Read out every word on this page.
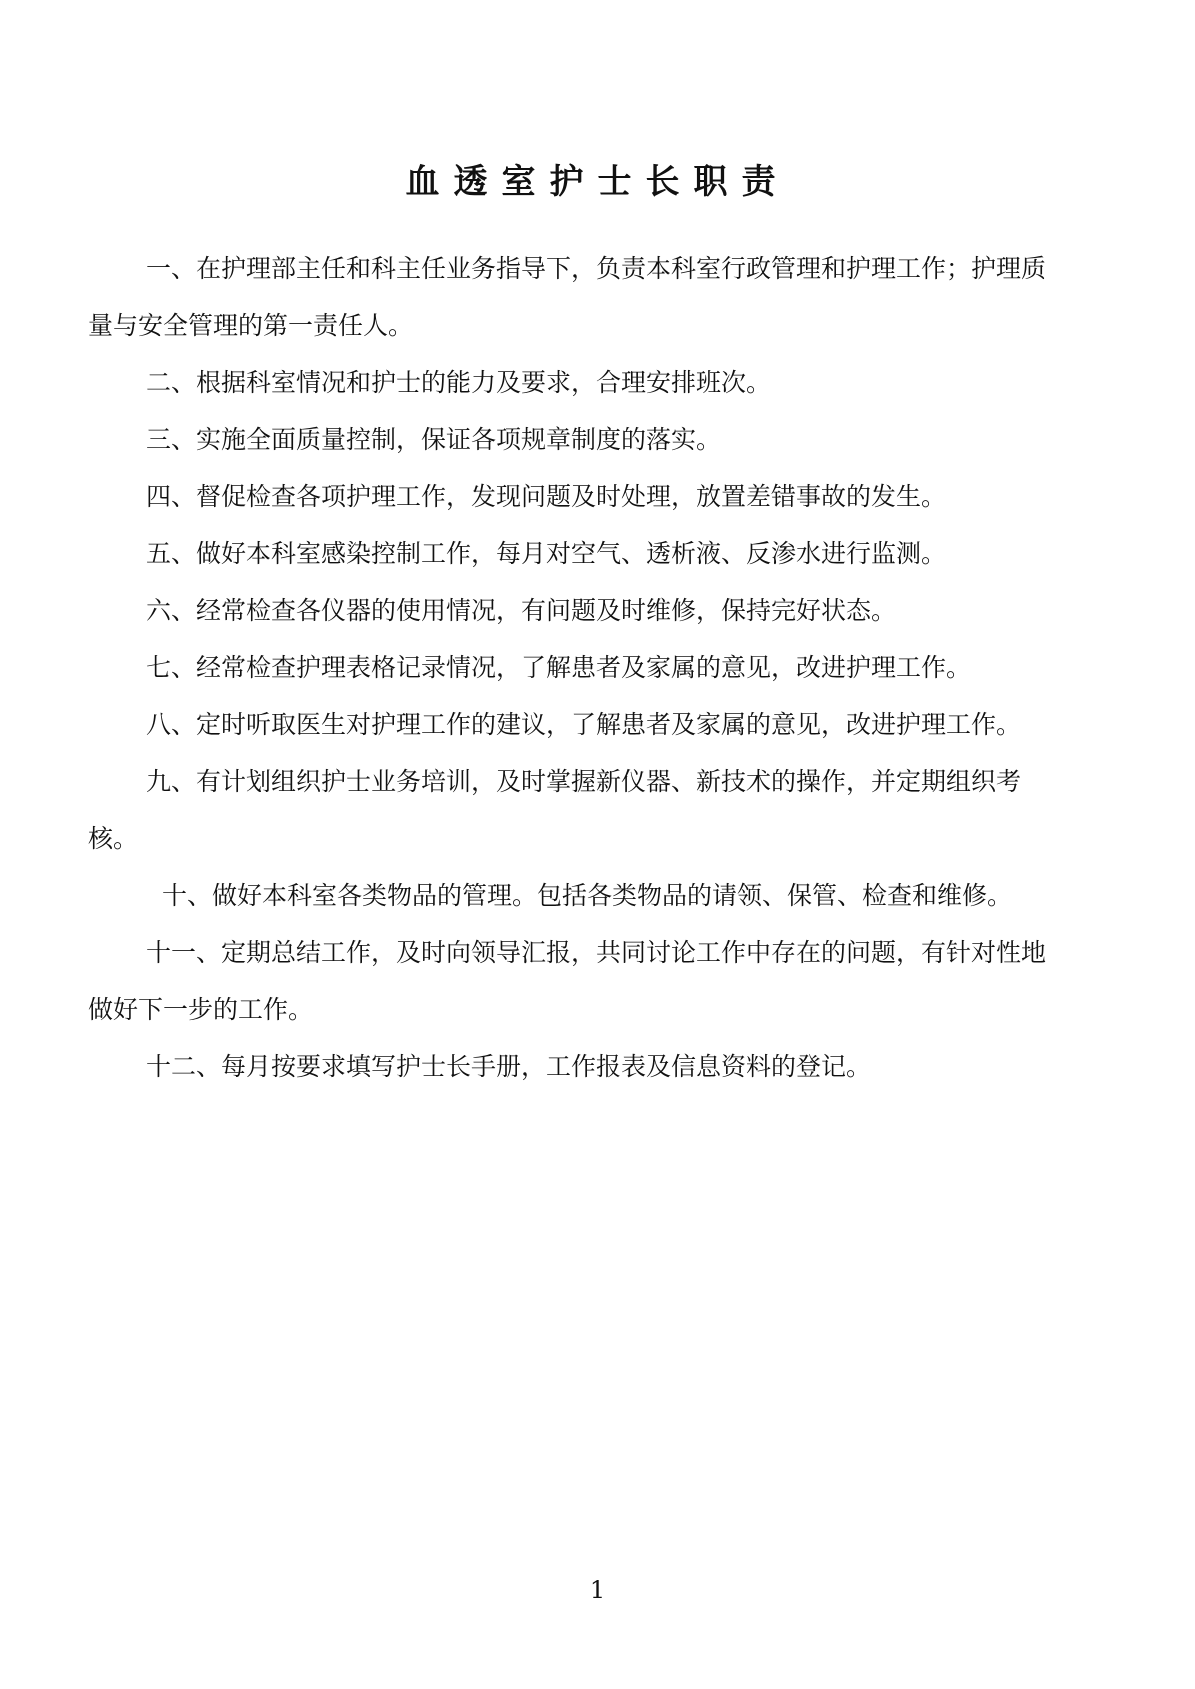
血透室护士长职责

一、在护理部主任和科主任业务指导下，负责本科室行政管理和护理工作；护理质量与安全管理的第一责任人。

二、根据科室情况和护士的能力及要求，合理安排班次。

三、实施全面质量控制，保证各项规章制度的落实。

四、督促检查各项护理工作，发现问题及时处理，放置差错事故的发生。

五、做好本科室感染控制工作，每月对空气、透析液、反渗水进行监测。

六、经常检查各仪器的使用情况，有问题及时维修，保持完好状态。

七、经常检查护理表格记录情况，了解患者及家属的意见，改进护理工作。

八、定时听取医生对护理工作的建议，了解患者及家属的意见，改进护理工作。

九、有计划组织护士业务培训，及时掌握新仪器、新技术的操作，并定期组织考核。

十、做好本科室各类物品的管理。包括各类物品的请领、保管、检查和维修。

十一、定期总结工作，及时向领导汇报，共同讨论工作中存在的问题，有针对性地做好下一步的工作。

十二、每月按要求填写护士长手册，工作报表及信息资料的登记。

1
